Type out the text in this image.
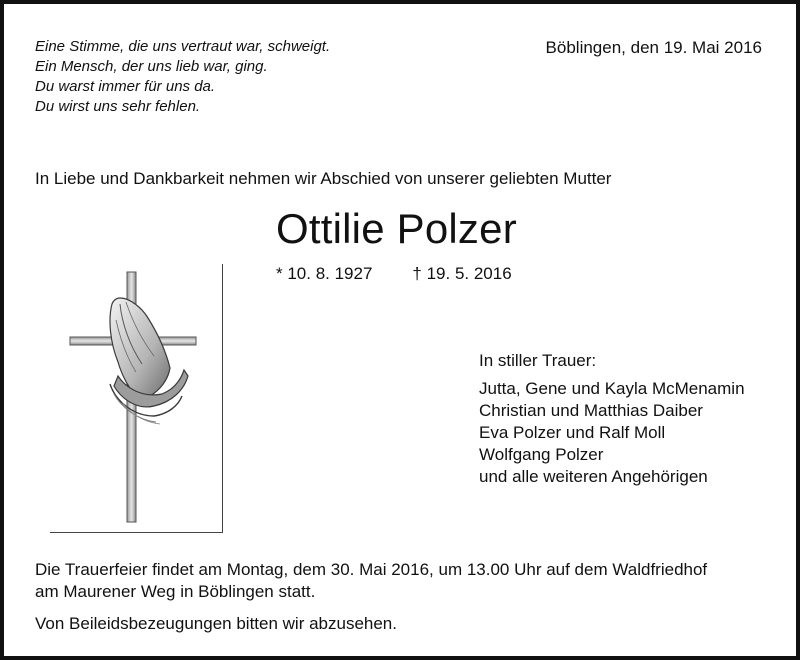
Eine Stimme, die uns vertraut war, schweigt.
Ein Mensch, der uns lieb war, ging.
Du warst immer für uns da.
Du wirst uns sehr fehlen.
Böblingen, den 19. Mai 2016
In Liebe und Dankbarkeit nehmen wir Abschied von unserer geliebten Mutter
Ottilie Polzer
* 10. 8. 1927 † 19. 5. 2016
In stiller Trauer:
Jutta, Gene und Kayla McMenamin
Christian und Matthias Daiber
Eva Polzer und Ralf Moll
Wolfgang Polzer
und alle weiteren Angehörigen
Die Trauerfeier findet am Montag, dem 30. Mai 2016, um 13.00 Uhr auf dem Waldfriedhof
am Maurener Weg in Böblingen statt.
Von Beileidsbezeugungen bitten wir abzusehen.
